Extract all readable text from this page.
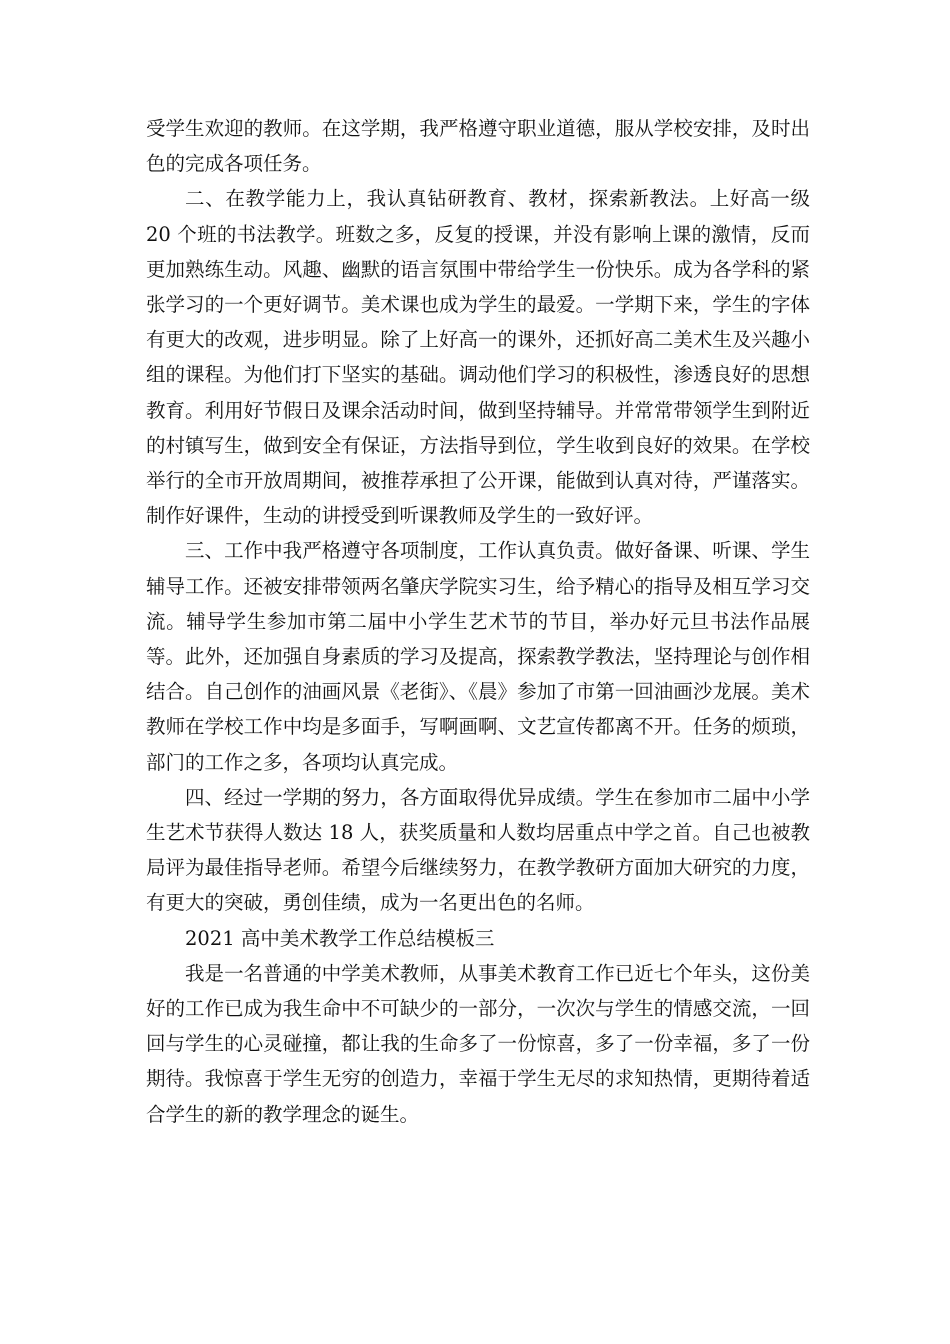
受学生欢迎的教师。在这学期，我严格遵守职业道德，服从学校安排，及时出色的完成各项任务。

二、在教学能力上，我认真钻研教育、教材，探索新教法。上好高一级 20 个班的书法教学。班数之多，反复的授课，并没有影响上课的激情，反而更加熟练生动。风趣、幽默的语言氛围中带给学生一份快乐。成为各学科的紧张学习的一个更好调节。美术课也成为学生的最爱。一学期下来，学生的字体有更大的改观，进步明显。除了上好高一的课外，还抓好高二美术生及兴趣小组的课程。为他们打下坚实的基础。调动他们学习的积极性，渗透良好的思想教育。利用好节假日及课余活动时间，做到坚持辅导。并常常带领学生到附近的村镇写生，做到安全有保证，方法指导到位，学生收到良好的效果。在学校举行的全市开放周期间，被推荐承担了公开课，能做到认真对待，严谨落实。制作好课件，生动的讲授受到听课教师及学生的一致好评。

三、工作中我严格遵守各项制度，工作认真负责。做好备课、听课、学生辅导工作。还被安排带领两名肇庆学院实习生，给予精心的指导及相互学习交流。辅导学生参加市第二届中小学生艺术节的节目，举办好元旦书法作品展等。此外，还加强自身素质的学习及提高，探索教学教法，坚持理论与创作相结合。自己创作的油画风景《老街》、《晨》参加了市第一回油画沙龙展。美术教师在学校工作中均是多面手，写啊画啊、文艺宣传都离不开。任务的烦琐，部门的工作之多，各项均认真完成。

四、经过一学期的努力，各方面取得优异成绩。学生在参加市二届中小学生艺术节获得人数达 18 人，获奖质量和人数均居重点中学之首。自己也被教局评为最佳指导老师。希望今后继续努力，在教学教研方面加大研究的力度，有更大的突破，勇创佳绩，成为一名更出色的名师。

2021 高中美术教学工作总结模板三

我是一名普通的中学美术教师，从事美术教育工作已近七个年头，这份美好的工作已成为我生命中不可缺少的一部分，一次次与学生的情感交流，一回回与学生的心灵碰撞，都让我的生命多了一份惊喜，多了一份幸福，多了一份期待。我惊喜于学生无穷的创造力，幸福于学生无尽的求知热情，更期待着适合学生的新的教学理念的诞生。
